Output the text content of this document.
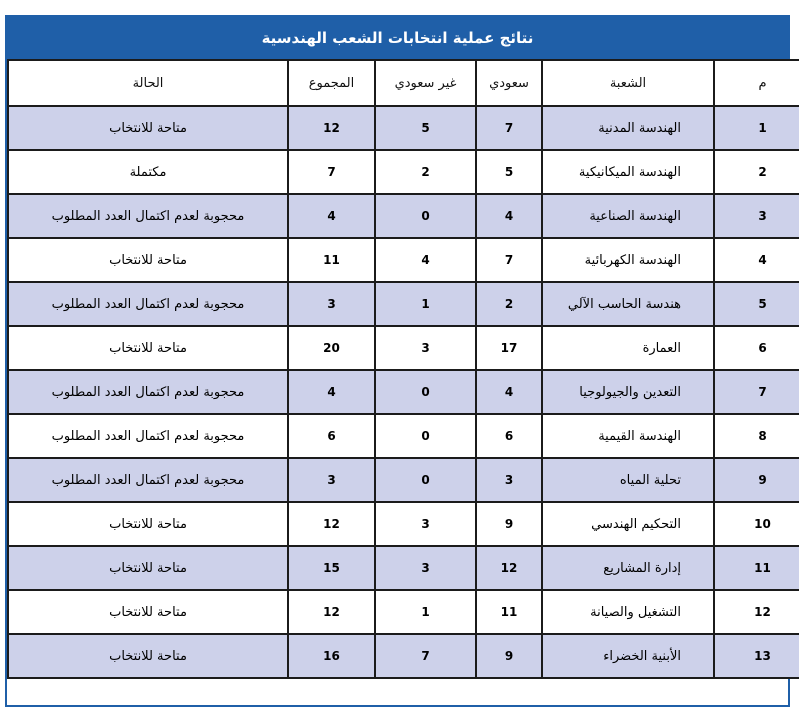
نتائج عملية انتخابات الشعب الهندسية
م	الشعبة	سعودي	غير سعودي	المجموع	الحالة
1	الهندسة المدنية	7	5	12	متاحة للانتخاب
2	الهندسة الميكانيكية	5	2	7	مكتملة
3	الهندسة الصناعية	4	0	4	محجوبة لعدم اكتمال العدد المطلوب
4	الهندسة الكهربائية	7	4	11	متاحة للانتخاب
5	هندسة الحاسب الآلي	2	1	3	محجوبة لعدم اكتمال العدد المطلوب
6	العمارة	17	3	20	متاحة للانتخاب
7	التعدين والجيولوجيا	4	0	4	محجوبة لعدم اكتمال العدد المطلوب
8	الهندسة القيمية	6	0	6	محجوبة لعدم اكتمال العدد المطلوب
9	تحلية المياه	3	0	3	محجوبة لعدم اكتمال العدد المطلوب
10	التحكيم الهندسي	9	3	12	متاحة للانتخاب
11	إدارة المشاريع	12	3	15	متاحة للانتخاب
12	التشغيل والصيانة	11	1	12	متاحة للانتخاب
13	الأبنية الخضراء	9	7	16	متاحة للانتخاب
